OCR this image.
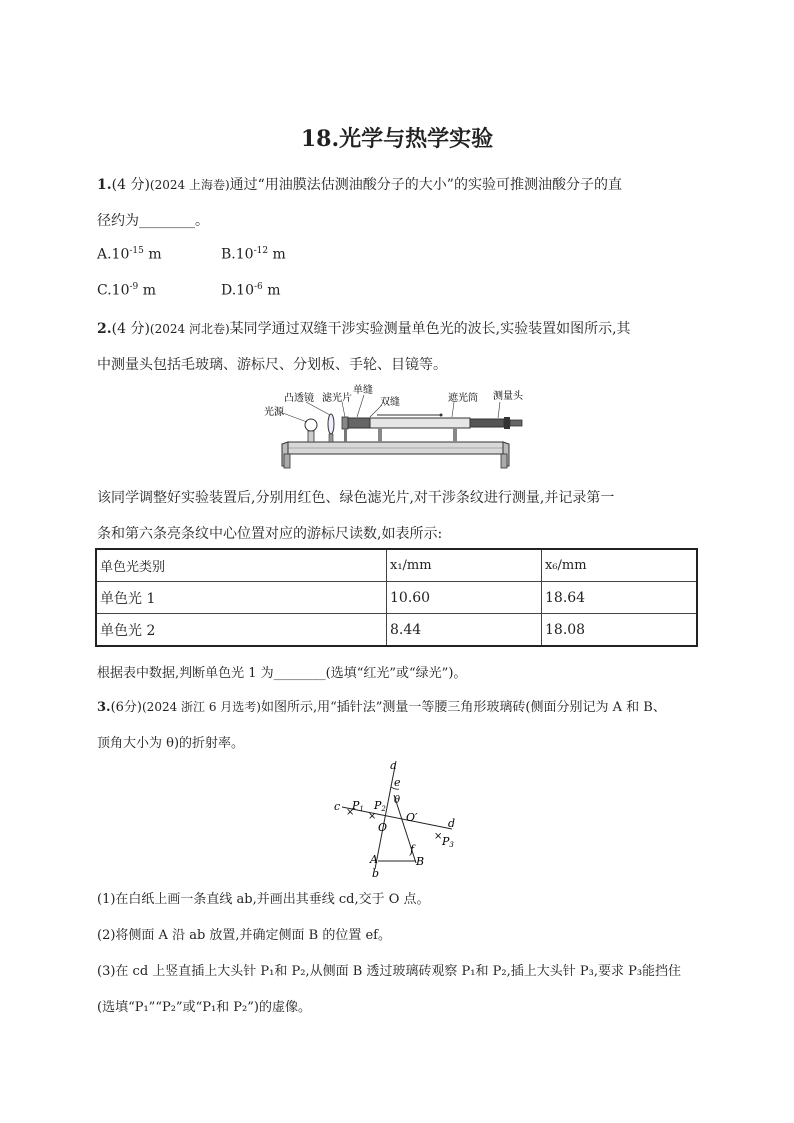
18.光学与热学实验
1.(4 分)(2024 上海卷)通过“用油膜法估测油酸分子的大小”的实验可推测油酸分子的直
径约为________。
$A.10^{-15}$ m	$B.10^{-12}$ m
$C.10^{-9}$ m	$D.10^{-6}$ m
2.(4 分)(2024 河北卷)某同学通过双缝干涉实验测量单色光的波长,实验装置如图所示,其
中测量头包括毛玻璃、游标尺、分划板、手轮、目镜等。
光源
凸透镜 滤光片
单缝
双缝	遮光筒 测量头
该同学调整好实验装置后,分别用红色、绿色滤光片,对干涉条纹进行测量,并记录第一
条和第六条亮条纹中心位置对应的游标尺读数,如表所示:
单色光类别	x₁/mm	x₆/mm
单色光 1	10.60	18.64
单色光 2	8.44	18.08
根据表中数据,判断单色光 1 为________(选填“红光”或“绿光”)。
3.(6分)(2024 浙江 6 月选考)如图所示,用“插针法”测量一等腰三角形玻璃砖(侧面分别记为 A 和 B、
顶角大小为 θ)的折射率。
× ×
×
a
e
θ
c P1 P2
O
O′	d
P3
f
A	B
b
(1)在白纸上画一条直线 ab,并画出其垂线 cd,交于 O 点。
(2)将侧面 A 沿 ab 放置,并确定侧面 B 的位置 ef。
(3)在 cd 上竖直插上大头针 P₁和 P₂,从侧面 B 透过玻璃砖观察 P₁和 P₂,插上大头针 P₃,要求 P₃能挡住
(选填“P₁”“P₂”或“P₁和 P₂”)的虚像。
